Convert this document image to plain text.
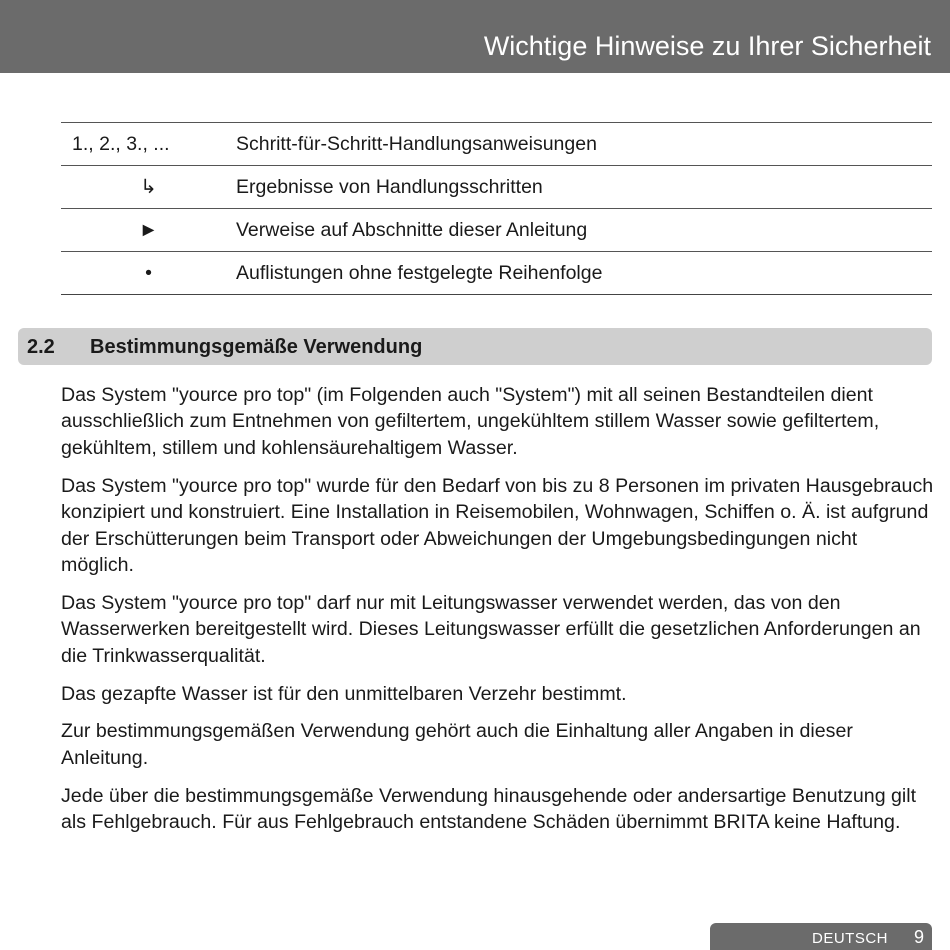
Wichtige Hinweise zu Ihrer Sicherheit
1., 2., 3., ...	Schritt-für-Schritt-Handlungsanweisungen
↳	Ergebnisse von Handlungsschritten
►	Verweise auf Abschnitte dieser Anleitung
•	Auflistungen ohne festgelegte Reihenfolge
2.2 Bestimmungsgemäße Verwendung

Das System "yource pro top" (im Folgenden auch "System") mit all seinen Bestandteilen dient ausschließlich zum Entnehmen von gefiltertem, ungekühltem stillem Wasser sowie gefiltertem, gekühltem, stillem und kohlensäurehaltigem Wasser.

Das System "yource pro top" wurde für den Bedarf von bis zu 8 Personen im privaten Hausgebrauch konzipiert und konstruiert. Eine Installation in Reisemobilen, Wohnwagen, Schiffen o. Ä. ist aufgrund der Erschütterungen beim Transport oder Abweichungen der Umgebungsbedingungen nicht möglich.

Das System "yource pro top" darf nur mit Leitungswasser verwendet werden, das von den Wasserwerken bereitgestellt wird. Dieses Leitungswasser erfüllt die gesetzlichen Anforderungen an die Trinkwasserqualität.

Das gezapfte Wasser ist für den unmittelbaren Verzehr bestimmt.

Zur bestimmungsgemäßen Verwendung gehört auch die Einhaltung aller Angaben in dieser Anleitung.

Jede über die bestimmungsgemäße Verwendung hinausgehende oder andersartige Benutzung gilt als Fehlgebrauch. Für aus Fehlgebrauch entstandene Schäden übernimmt BRITA keine Haftung.

DEUTSCH 9
